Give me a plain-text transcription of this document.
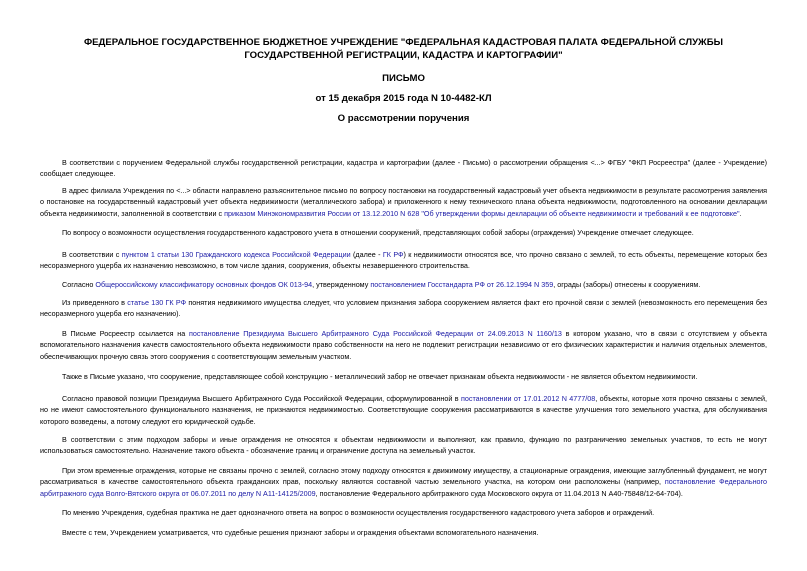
ФЕДЕРАЛЬНОЕ ГОСУДАРСТВЕННОЕ БЮДЖЕТНОЕ УЧРЕЖДЕНИЕ "ФЕДЕРАЛЬНАЯ КАДАСТРОВАЯ ПАЛАТА ФЕДЕРАЛЬНОЙ СЛУЖБЫ ГОСУДАРСТВЕННОЙ РЕГИСТРАЦИИ, КАДАСТРА И КАРТОГРАФИИ"
ПИСЬМО
от 15 декабря 2015 года N 10-4482-КЛ
О рассмотрении поручения
В соответствии с поручением Федеральной службы государственной регистрации, кадастра и картографии (далее - Письмо) о рассмотрении обращения <...> ФГБУ "ФКП Росреестра" (далее - Учреждение) сообщает следующее.
В адрес филиала Учреждения по <...> области направлено разъяснительное письмо по вопросу постановки на государственный кадастровый учет объекта недвижимости в результате рассмотрения заявления о постановке на государственный кадастровый учет объекта недвижимости (металлического забора) и приложенного к нему технического плана объекта недвижимости, подготовленного на основании декларации объекта недвижимости, заполненной в соответствии с приказом Минэкономразвития России от 13.12.2010 N 628 "Об утверждении формы декларации об объекте недвижимости и требований к ее подготовке".
По вопросу о возможности осуществления государственного кадастрового учета в отношении сооружений, представляющих собой заборы (ограждения) Учреждение отмечает следующее.
В соответствии с пунктом 1 статьи 130 Гражданского кодекса Российской Федерации (далее - ГК РФ) к недвижимости относятся все, что прочно связано с землей, то есть объекты, перемещение которых без несоразмерного ущерба их назначению невозможно, в том числе здания, сооружения, объекты незавершенного строительства.
Согласно Общероссийскому классификатору основных фондов ОК 013-94, утвержденному постановлением Госстандарта РФ от 26.12.1994 N 359, ограды (заборы) отнесены к сооружениям.
Из приведенного в статье 130 ГК РФ понятия недвижимого имущества следует, что условием признания забора сооружением является факт его прочной связи с землей (невозможность его перемещения без несоразмерного ущерба его назначению).
В Письме Росреестр ссылается на постановление Президиума Высшего Арбитражного Суда Российской Федерации от 24.09.2013 N 1160/13 в котором указано, что в связи с отсутствием у объекта вспомогательного назначения качеств самостоятельного объекта недвижимости право собственности на него не подлежит регистрации независимо от его физических характеристик и наличия отдельных элементов, обеспечивающих прочную связь этого сооружения с соответствующим земельным участком.
Также в Письме указано, что сооружение, представляющее собой конструкцию - металлический забор не отвечает признакам объекта недвижимости - не является объектом недвижимости.
Согласно правовой позиции Президиума Высшего Арбитражного Суда Российской Федерации, сформулированной в постановлении от 17.01.2012 N 4777/08, объекты, которые хотя прочно связаны с землей, но не имеют самостоятельного функционального назначения, не признаются недвижимостью. Соответствующие сооружения рассматриваются в качестве улучшения того земельного участка, для обслуживания которого возведены, а потому следуют его юридической судьбе.
В соответствии с этим подходом заборы и иные ограждения не относятся к объектам недвижимости и выполняют, как правило, функцию по разграничению земельных участков, то есть не могут использоваться самостоятельно. Назначение такого объекта - обозначение границ и ограничение доступа на земельный участок.
При этом временные ограждения, которые не связаны прочно с землей, согласно этому подходу относятся к движимому имуществу, а стационарные ограждения, имеющие заглубленный фундамент, не могут рассматриваться в качестве самостоятельного объекта гражданских прав, поскольку являются составной частью земельного участка, на котором они расположены (например, постановление Федерального арбитражного суда Волго-Вятского округа от 06.07.2011 по делу N А11-14125/2009, постановление Федерального арбитражного суда Московского округа от 11.04.2013 N А40-75848/12-64-704).
По мнению Учреждения, судебная практика не дает однозначного ответа на вопрос о возможности осуществления государственного кадастрового учета заборов и ограждений.
Вместе с тем, Учреждением усматривается, что судебные решения признают заборы и ограждения объектами вспомогательного назначения.
